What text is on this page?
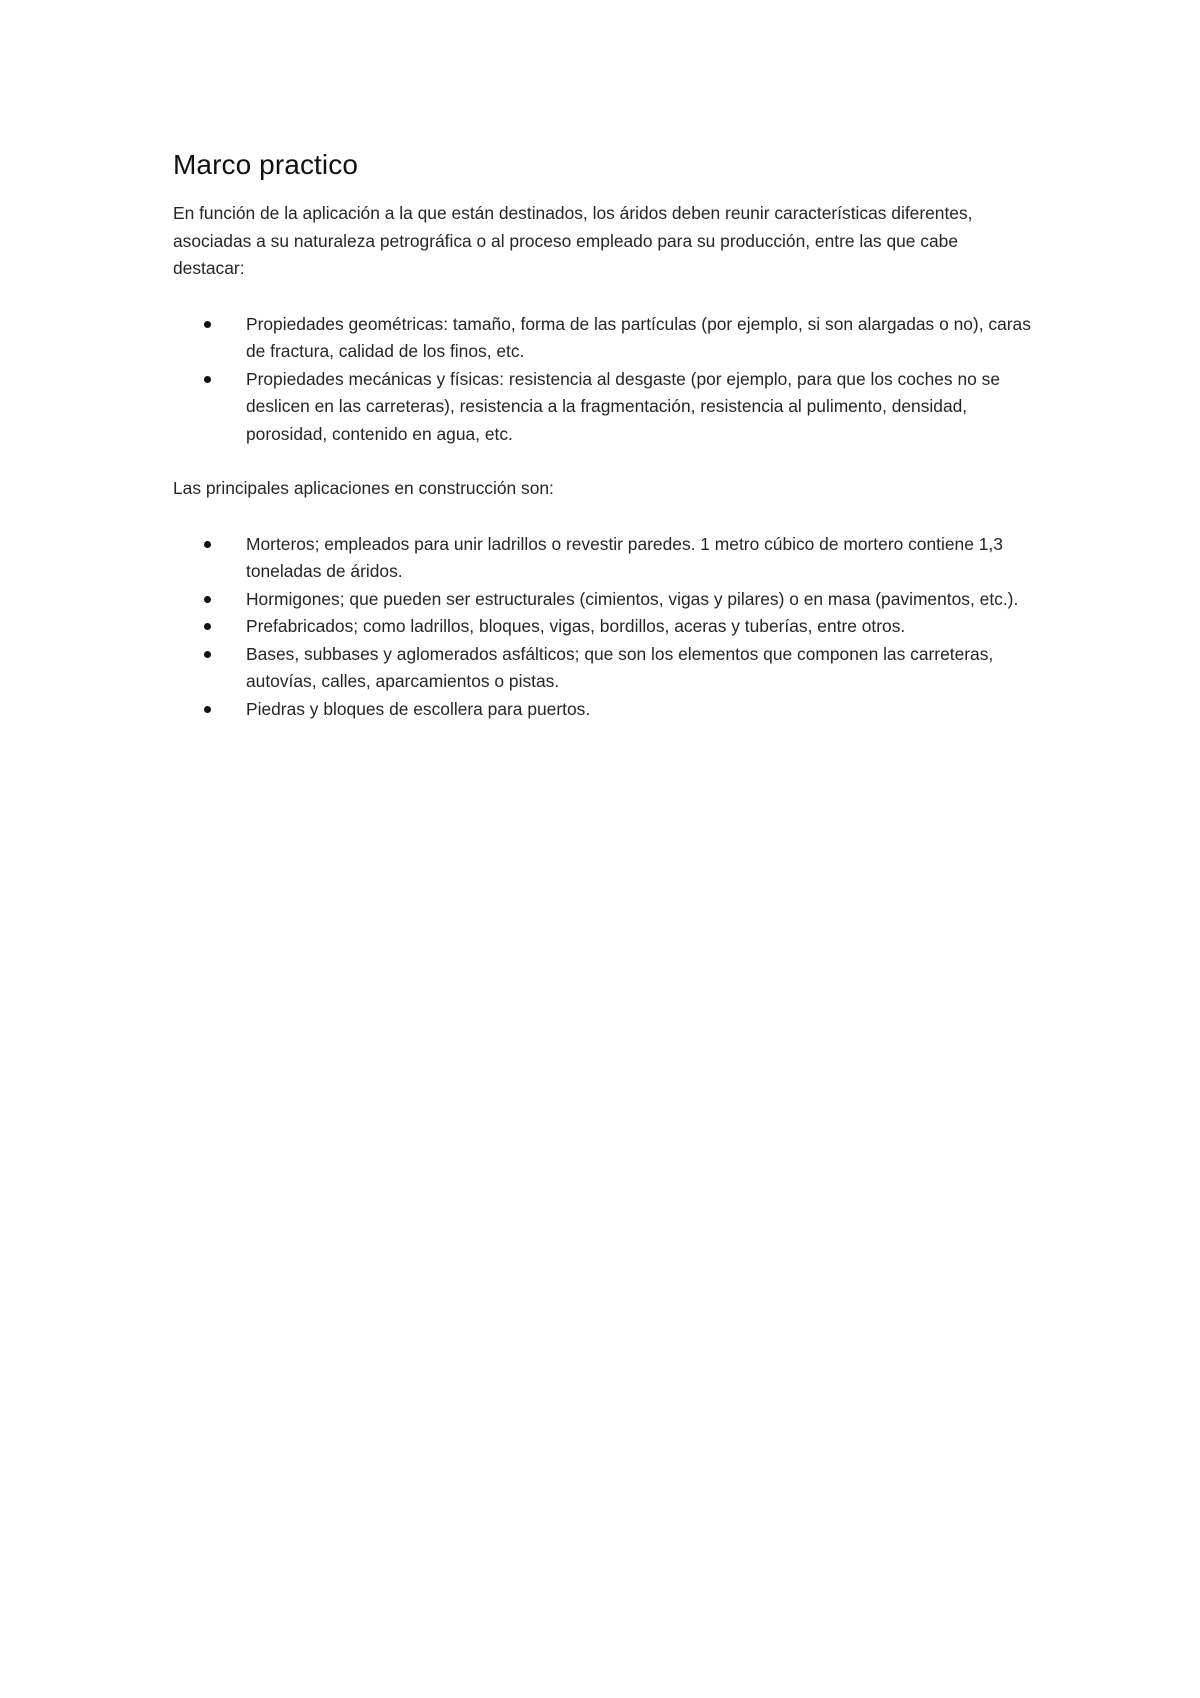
Marco practico

En función de la aplicación a la que están destinados, los áridos deben reunir características diferentes, asociadas a su naturaleza petrográfica o al proceso empleado para su producción, entre las que cabe destacar:

Propiedades geométricas: tamaño, forma de las partículas (por ejemplo, si son alargadas o no), caras de fractura, calidad de los finos, etc.
Propiedades mecánicas y físicas: resistencia al desgaste (por ejemplo, para que los coches no se deslicen en las carreteras), resistencia a la fragmentación, resistencia al pulimento, densidad, porosidad, contenido en agua, etc.

Las principales aplicaciones en construcción son:

Morteros; empleados para unir ladrillos o revestir paredes. 1 metro cúbico de mortero contiene 1,3 toneladas de áridos.
Hormigones; que pueden ser estructurales (cimientos, vigas y pilares) o en masa (pavimentos, etc.).
Prefabricados; como ladrillos, bloques, vigas, bordillos, aceras y tuberías, entre otros.
Bases, subbases y aglomerados asfálticos; que son los elementos que componen las carreteras, autovías, calles, aparcamientos o pistas.
Piedras y bloques de escollera para puertos.
